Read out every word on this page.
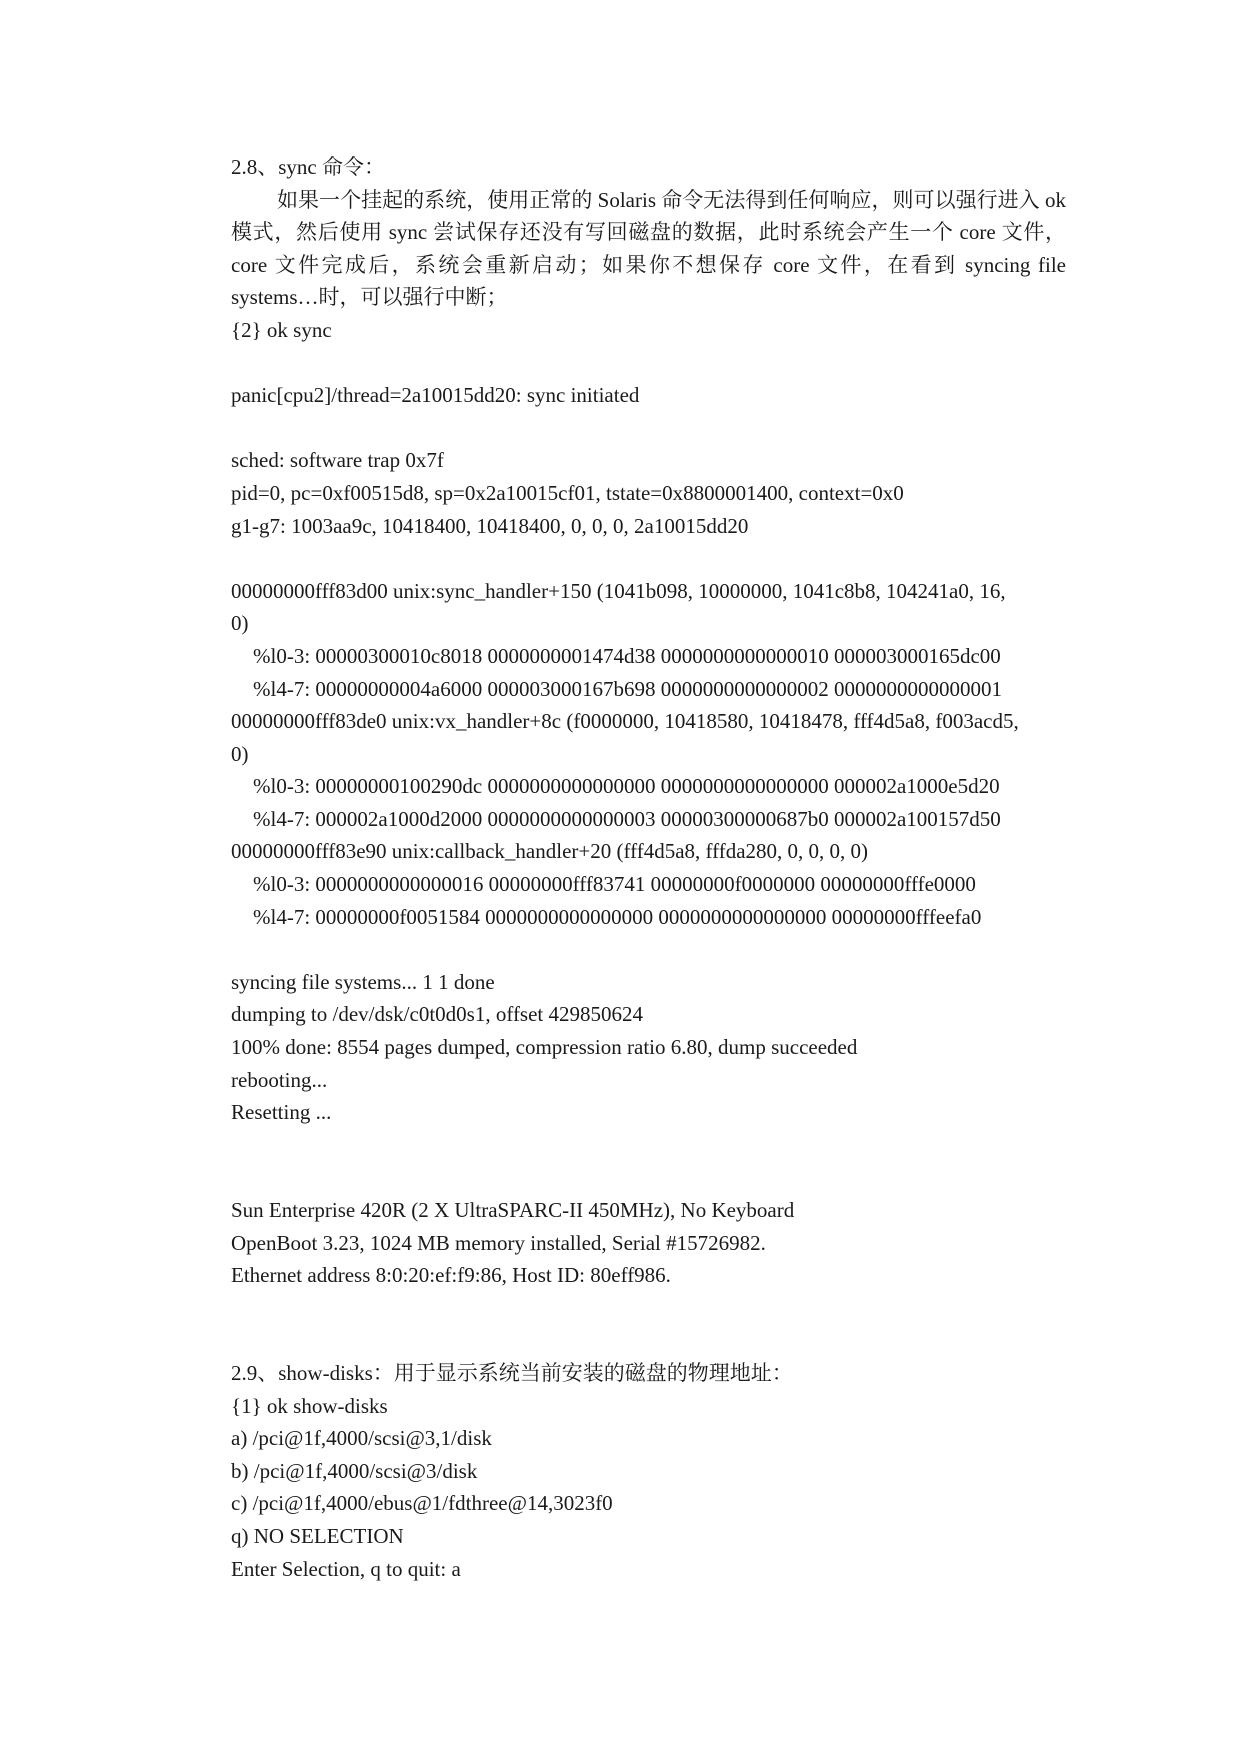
2.8、sync 命令：
如果一个挂起的系统，使用正常的 Solaris 命令无法得到任何响应，则可以强行进入 ok 模式，然后使用 sync 尝试保存还没有写回磁盘的数据，此时系统会产生一个 core 文件，core 文件完成后，系统会重新启动；如果你不想保存 core 文件，在看到 syncing file systems…时，可以强行中断；
{2} ok sync
panic[cpu2]/thread=2a10015dd20: sync initiated
sched: software trap 0x7f
pid=0, pc=0xf00515d8, sp=0x2a10015cf01, tstate=0x8800001400, context=0x0
g1-g7: 1003aa9c, 10418400, 10418400, 0, 0, 0, 2a10015dd20
00000000fff83d00 unix:sync_handler+150 (1041b098, 10000000, 1041c8b8, 104241a0, 16,
0)
%l0-3: 00000300010c8018 0000000001474d38 0000000000000010 000003000165dc00
%l4-7: 00000000004a6000 000003000167b698 0000000000000002 0000000000000001
00000000fff83de0 unix:vx_handler+8c (f0000000, 10418580, 10418478, fff4d5a8, f003acd5,
0)
%l0-3: 00000000100290dc 0000000000000000 0000000000000000 000002a1000e5d20
%l4-7: 000002a1000d2000 0000000000000003 00000300000687b0 000002a100157d50
00000000fff83e90 unix:callback_handler+20 (fff4d5a8, fffda280, 0, 0, 0, 0)
%l0-3: 0000000000000016 00000000fff83741 00000000f0000000 00000000fffe0000
%l4-7: 00000000f0051584 0000000000000000 0000000000000000 00000000fffeefa0
syncing file systems... 1 1 done
dumping to /dev/dsk/c0t0d0s1, offset 429850624
100% done: 8554 pages dumped, compression ratio 6.80, dump succeeded
rebooting...
Resetting ...
Sun Enterprise 420R (2 X UltraSPARC-II 450MHz), No Keyboard
OpenBoot 3.23, 1024 MB memory installed, Serial #15726982.
Ethernet address 8:0:20:ef:f9:86, Host ID: 80eff986.
2.9、show-disks：用于显示系统当前安装的磁盘的物理地址：
{1} ok show-disks
a) /pci@1f,4000/scsi@3,1/disk
b) /pci@1f,4000/scsi@3/disk
c) /pci@1f,4000/ebus@1/fdthree@14,3023f0
q) NO SELECTION
Enter Selection, q to quit: a
